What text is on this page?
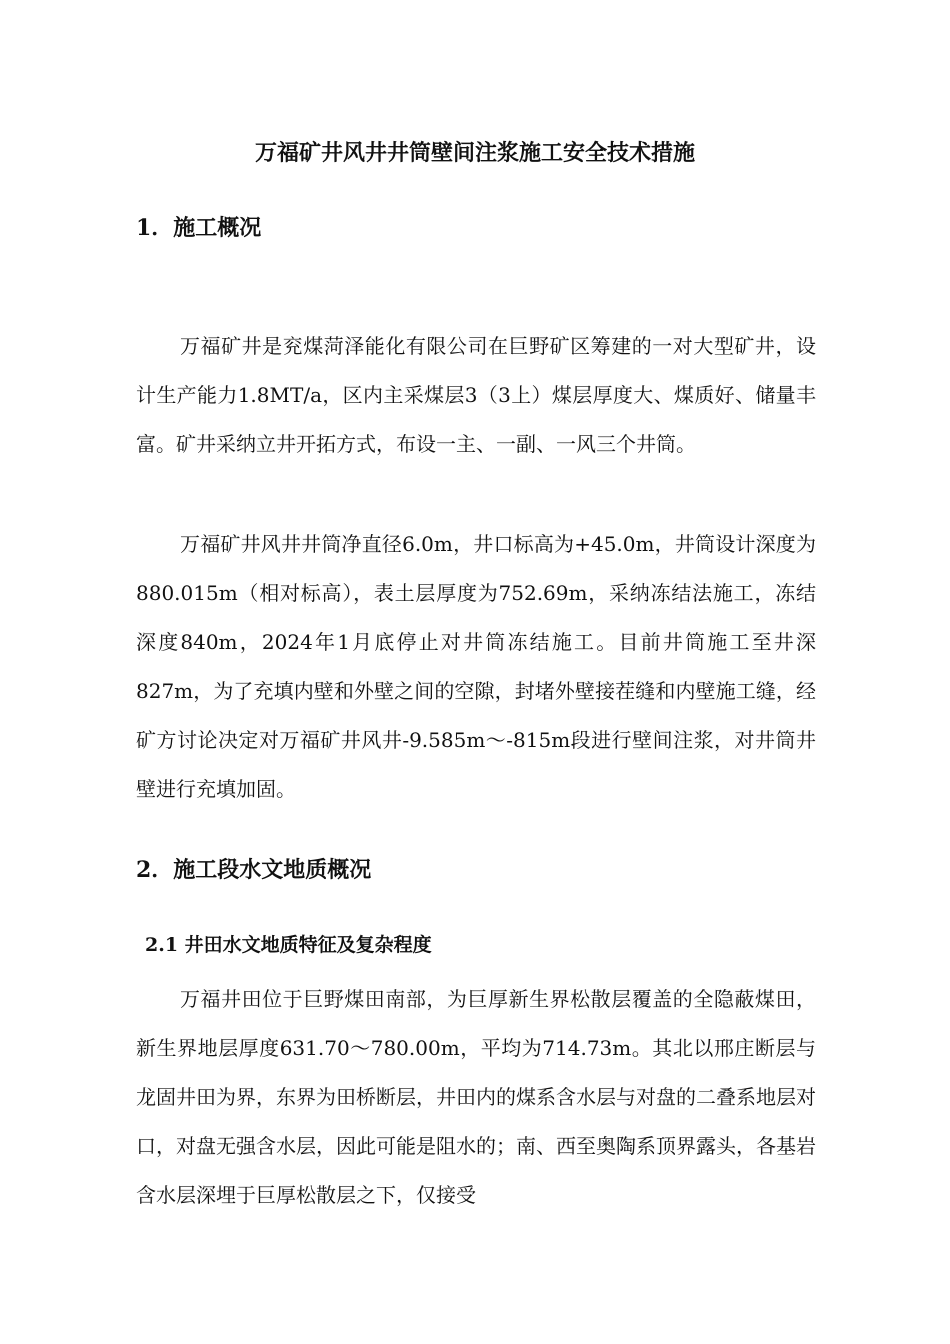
万福矿井风井井筒壁间注浆施工安全技术措施
1．施工概况

万福矿井是兖煤菏泽能化有限公司在巨野矿区筹建的一对大型矿井，设计生产能力1.8MT/a，区内主采煤层3（3上）煤层厚度大、煤质好、储量丰富。矿井采纳立井开拓方式，布设一主、一副、一风三个井筒。

万福矿井风井井筒净直径6.0m，井口标高为+45.0m，井筒设计深度为880.015m（相对标高），表土层厚度为752.69m，采纳冻结法施工，冻结深度840m，2024年1月底停止对井筒冻结施工。目前井筒施工至井深827m，为了充填内壁和外壁之间的空隙，封堵外壁接茬缝和内壁施工缝，经矿方讨论决定对万福矿井风井-9.585m～-815m段进行壁间注浆，对井筒井壁进行充填加固。

2．施工段水文地质概况
2.1 井田水文地质特征及复杂程度

万福井田位于巨野煤田南部，为巨厚新生界松散层覆盖的全隐蔽煤田，新生界地层厚度631.70～780.00m，平均为714.73m。其北以邢庄断层与龙固井田为界，东界为田桥断层，井田内的煤系含水层与对盘的二叠系地层对口，对盘无强含水层，因此可能是阻水的；南、西至奥陶系顶界露头，各基岩含水层深埋于巨厚松散层之下，仅接受
